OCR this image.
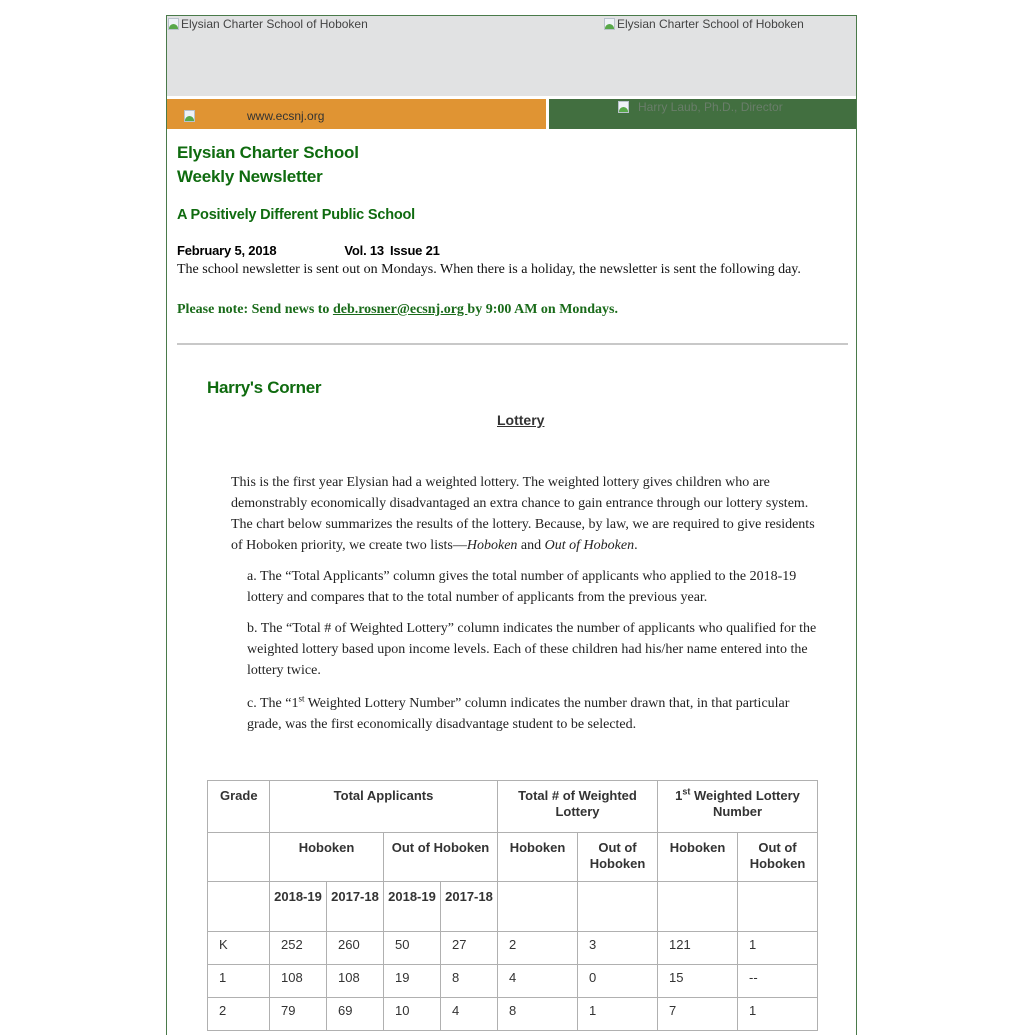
Elysian Charter School of Hoboken	Elysian Charter School of Hoboken
www.ecsnj.org
Harry Laub, Ph.D., Director

Elysian Charter School

Weekly Newsletter

A Positively Different Public School

February 5, 2018	Vol. 13 Issue 21
The school newsletter is sent out on Mondays. When there is a holiday, the newsletter is sent the following day.
Please note: Send news to deb.rosner@ecsnj.org by 9:00 AM on Mondays.
Harry's Corner
Lottery
This is the first year Elysian had a weighted lottery. The weighted lottery gives children who are demonstrably economically disadvantaged an extra chance to gain entrance through our lottery system. The chart below summarizes the results of the lottery. Because, by law, we are required to give residents of Hoboken priority, we create two lists—Hoboken and Out of Hoboken.
a. The “Total Applicants” column gives the total number of applicants who applied to the 2018-19 lottery and compares that to the total number of applicants from the previous year.
b. The “Total # of Weighted Lottery” column indicates the number of applicants who qualified for the weighted lottery based upon income levels. Each of these children had his/her name entered into the lottery twice.
c. The “1st Weighted Lottery Number” column indicates the number drawn that, in that particular grade, was the first economically disadvantage student to be selected.
Grade	Total Applicants				Total # of Weighted Lottery		1st Weighted Lottery Number	
	Hoboken		Out of Hoboken		Hoboken	Out of Hoboken	Hoboken	Out of Hoboken
	2018-19	2017-18	2018-19	2017-18				
K	252	260	50	27	2	3	121	1
1	108	108	19	8	4	0	15	--
2	79	69	10	4	8	1	7	1
